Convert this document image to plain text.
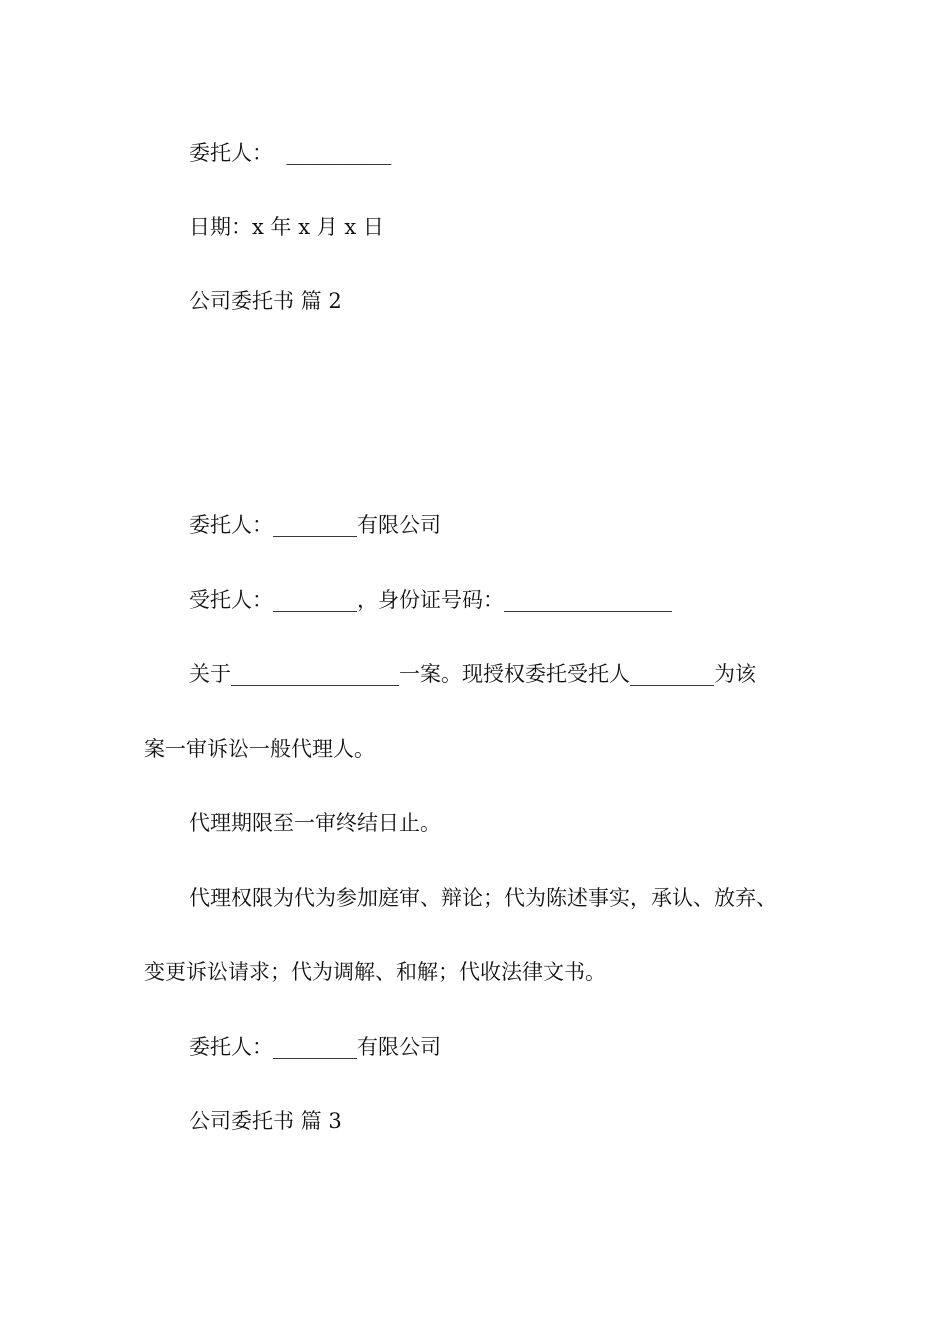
委托人：  __________
日期：x 年 x 月 x 日
公司委托书 篇 2
委托人：________有限公司
受托人：________，身份证号码：________________
关于________________一案。现授权委托受托人________为该
案一审诉讼一般代理人。
代理期限至一审终结日止。
代理权限为代为参加庭审、辩论；代为陈述事实，承认、放弃、
变更诉讼请求；代为调解、和解；代收法律文书。
委托人：________有限公司
公司委托书 篇 3
